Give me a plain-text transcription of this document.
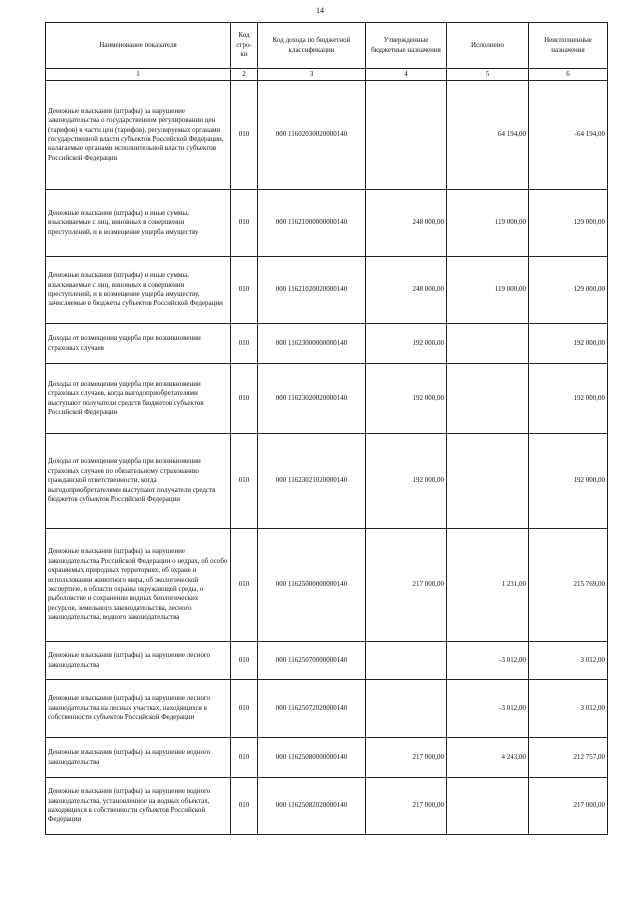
14
Наименование показателя	Код стро- ки	Код дохода по бюджетной классификации	Утвержденные бюджетные назначения	Исполнено	Неисполненные назначения
1	2	3	4	5	6
Денежные взыскания (штрафы) за нарушение законодательства о государственном регулировании цен (тарифов) в части цен (тарифов), регулируемых органами государственной власти субъектов Российской Федерации, налагаемые органами исполнительной власти субъектов Российской Федерации	010	000 11602030020000140		64 194,00	-64 194,00
Денежные взыскания (штрафы) и иные суммы, взыскиваемые с лиц, виновных в совершении преступлений, и в возмещение ущерба имуществу	010	000 11621000000000140	248 000,00	119 000,00	129 000,00
Денежные взыскания (штрафы) и иные суммы, взыскиваемые с лиц, виновных в совершении преступлений, и в возмещение ущерба имуществу, зачисляемые в бюджеты субъектов Российской Федерации	010	000 11621020020000140	248 000,00	119 000,00	129 000,00
Доходы от возмещения ущерба при возникновении страховых случаев	010	000 11623000000000140	192 000,00		192 000,00
Доходы от возмещения ущерба при возникновении страховых случаев, когда выгодоприобретателями выступают получатели средств бюджетов субъектов Российской Федерации	010	000 11623020020000140	192 000,00		192 000,00
Доходы от возмещения ущерба при возникновении страховых случаев по обязательному страхованию гражданской ответственности, когда выгодоприобретателями выступают получатели средств бюджетов субъектов Российской Федерации	010	000 11623021020000140	192 000,00		192 000,00
Денежные взыскания (штрафы) за нарушение законодательства Российской Федерации о недрах, об особо охраняемых природных территориях, об охране и использовании животного мира, об экологической экспертизе, в области охраны окружающей среды, о рыболовстве и сохранении водных биологических ресурсов, земельного законодательства, лесного законодательства, водного законодательства	010	000 11625000000000140	217 000,00	1 231,00	215 769,00
Денежные взыскания (штрафы) за нарушение лесного законодательства	010	000 11625070000000140		-3 012,00	3 012,00
Денежные взыскания (штрафы) за нарушение лесного законодательства на лесных участках, находящихся в собственности субъектов Российской Федерации	010	000 11625072020000140		-3 012,00	3 012,00
Денежные взыскания (штрафы) за нарушение водного законодательства	010	000 11625080000000140	217 000,00	4 243,00	212 757,00
Денежные взыскания (штрафы) за нарушение водного законодательства, установленное на водных объектах, находящихся в собственности субъектов Российской Федерации	010	000 11625082020000140	217 000,00		217 000,00
